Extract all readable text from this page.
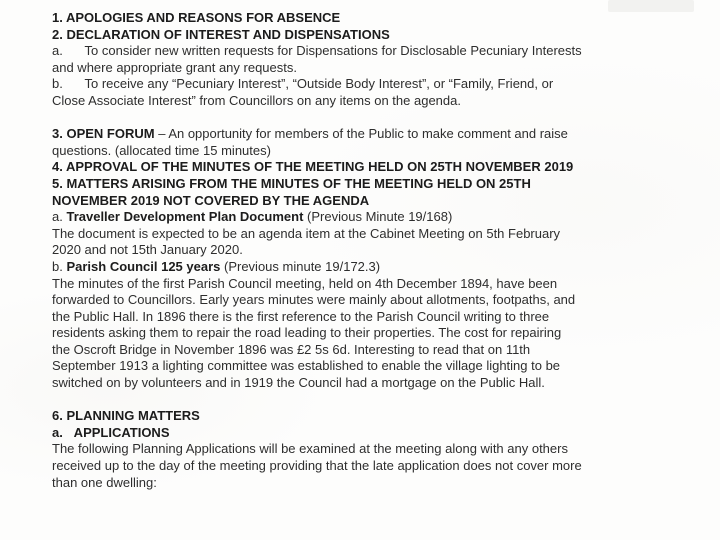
1. APOLOGIES AND REASONS FOR ABSENCE

2. DECLARATION OF INTEREST AND DISPENSATIONS

a.      To consider new written requests for Dispensations for Disclosable Pecuniary Interests
and where appropriate grant any requests.

b.      To receive any “Pecuniary Interest”, “Outside Body Interest”, or “Family, Friend, or
Close Associate Interest” from Councillors on any items on the agenda.

3. OPEN FORUM – An opportunity for members of the Public to make comment and raise
questions. (allocated time 15 minutes)

4. APPROVAL OF THE MINUTES OF THE MEETING HELD ON 25TH NOVEMBER 2019

5. MATTERS ARISING FROM THE MINUTES OF THE MEETING HELD ON 25TH
NOVEMBER 2019 NOT COVERED BY THE AGENDA

a. Traveller Development Plan Document (Previous Minute 19/168)

The document is expected to be an agenda item at the Cabinet Meeting on 5th February
2020 and not 15th January 2020.

b. Parish Council 125 years (Previous minute 19/172.3)

The minutes of the first Parish Council meeting, held on 4th December 1894, have been
forwarded to Councillors. Early years minutes were mainly about allotments, footpaths, and
the Public Hall. In 1896 there is the first reference to the Parish Council writing to three
residents asking them to repair the road leading to their properties. The cost for repairing
the Oscroft Bridge in November 1896 was £2 5s 6d. Interesting to read that on 11th
September 1913 a lighting committee was established to enable the village lighting to be
switched on by volunteers and in 1919 the Council had a mortgage on the Public Hall.

6. PLANNING MATTERS

a.   APPLICATIONS

The following Planning Applications will be examined at the meeting along with any others
received up to the day of the meeting providing that the late application does not cover more
than one dwelling:
